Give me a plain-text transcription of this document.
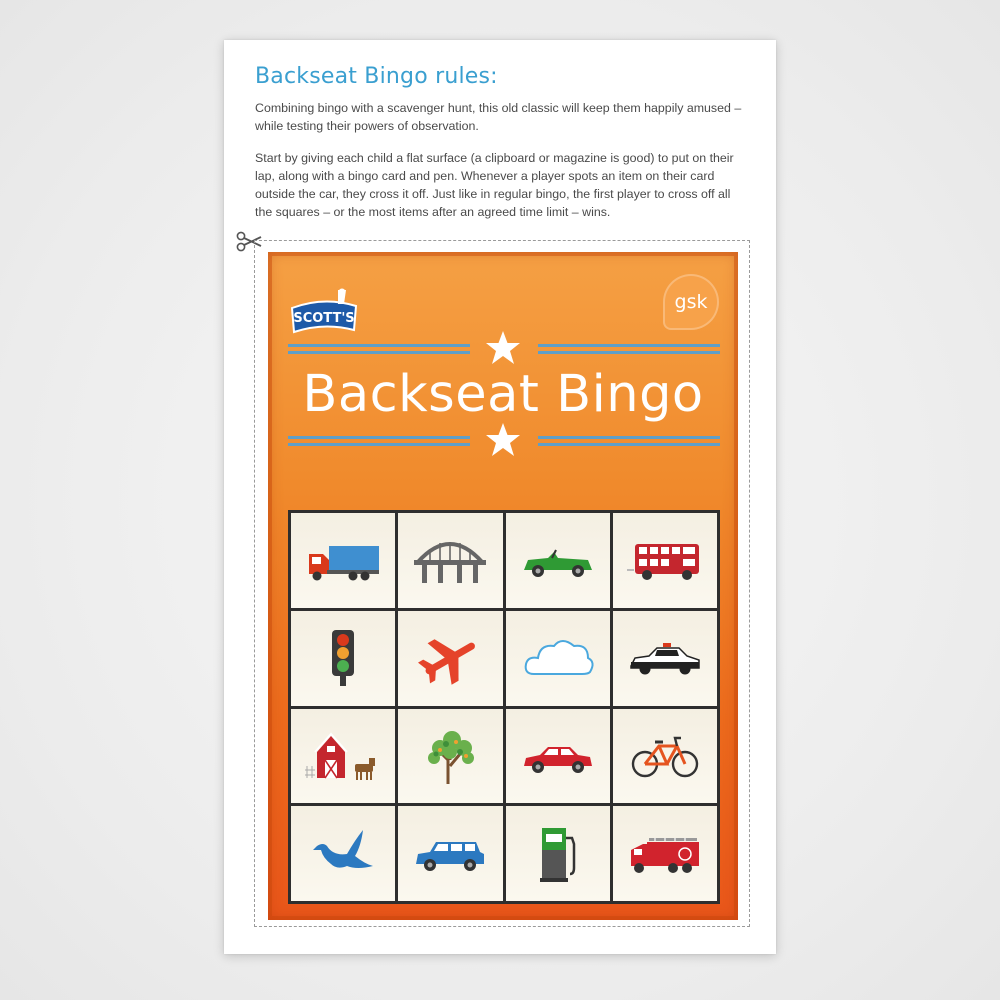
Backseat Bingo rules:

Combining bingo with a scavenger hunt, this old classic will keep them happily amused – while testing their powers of observation.

Start by giving each child a flat surface (a clipboard or magazine is good) to put on their lap, along with a bingo card and pen. Whenever a player spots an item on their card outside the car, they cross it off. Just like in regular bingo, the first player to cross off all the squares – or the most items after an agreed time limit – wins.

SCOTT'S
gsk
Backseat Bingo
